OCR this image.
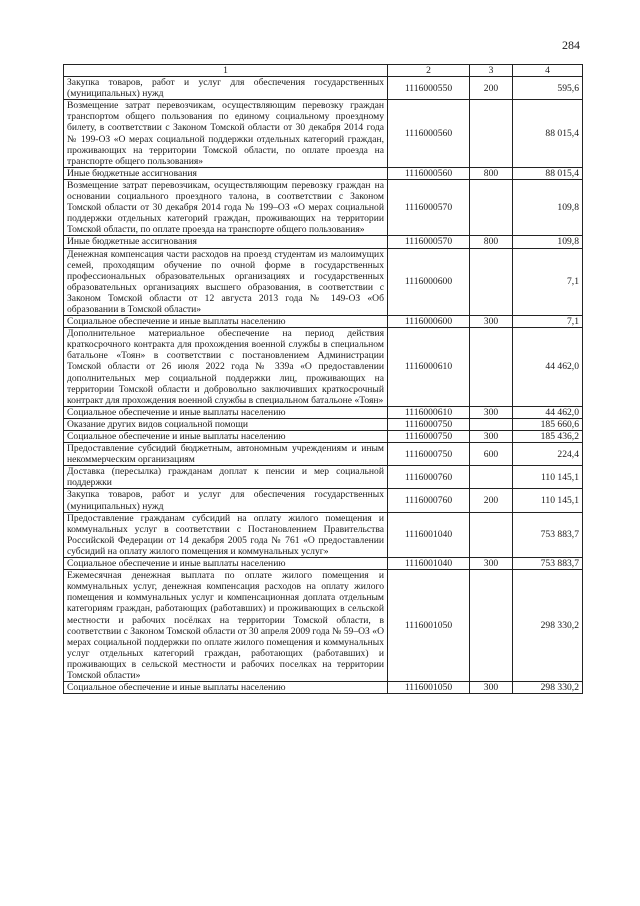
284
1	2	3	4
Закупка товаров, работ и услуг для обеспечения государственных (муниципальных) нужд	1116000550	200	595,6
Возмещение затрат перевозчикам, осуществляющим перевозку граждан транспортом общего пользования по единому социальному проездному билету, в соответствии с Законом Томской области от 30 декабря 2014 года № 199-ОЗ «О мерах социальной поддержки отдельных категорий граждан, проживающих на территории Томской области, по оплате проезда на транспорте общего пользования»	1116000560		88 015,4
Иные бюджетные ассигнования	1116000560	800	88 015,4
Возмещение затрат перевозчикам, осуществляющим перевозку граждан на основании социального проездного талона, в соответствии с Законом Томской области от 30 декабря 2014 года № 199–ОЗ «О мерах социальной поддержки отдельных категорий граждан, проживающих на территории Томской области, по оплате проезда на транспорте общего пользования»	1116000570		109,8
Иные бюджетные ассигнования	1116000570	800	109,8
Денежная компенсация части расходов на проезд студентам из малоимущих семей, проходящим обучение по очной форме в государственных профессиональных образовательных организациях и государственных образовательных организациях высшего образования, в соответствии с Законом Томской области от 12 августа 2013 года № 149-ОЗ «Об образовании в Томской области»	1116000600		7,1
Социальное обеспечение и иные выплаты населению	1116000600	300	7,1
Дополнительное материальное обеспечение на период действия краткосрочного контракта для прохождения военной службы в специальном батальоне «Тоян» в соответствии с постановлением Администрации Томской области от 26 июля 2022 года № 339а «О предоставлении дополнительных мер социальной поддержки лиц, проживающих на территории Томской области и добровольно заключивших краткосрочный контракт для прохождения военной службы в специальном батальоне «Тоян»	1116000610		44 462,0
Социальное обеспечение и иные выплаты населению	1116000610	300	44 462,0
Оказание других видов социальной помощи	1116000750		185 660,6
Социальное обеспечение и иные выплаты населению	1116000750	300	185 436,2
Предоставление субсидий бюджетным, автономным учреждениям и иным некоммерческим организациям	1116000750	600	224,4
Доставка (пересылка) гражданам доплат к пенсии и мер социальной поддержки	1116000760		110 145,1
Закупка товаров, работ и услуг для обеспечения государственных (муниципальных) нужд	1116000760	200	110 145,1
Предоставление гражданам субсидий на оплату жилого помещения и коммунальных услуг в соответствии с Постановлением Правительства Российской Федерации от 14 декабря 2005 года № 761 «О предоставлении субсидий на оплату жилого помещения и коммунальных услуг»	1116001040		753 883,7
Социальное обеспечение и иные выплаты населению	1116001040	300	753 883,7
Ежемесячная денежная выплата по оплате жилого помещения и коммунальных услуг, денежная компенсация расходов на оплату жилого помещения и коммунальных услуг и компенсационная доплата отдельным категориям граждан, работающих (работавших) и проживающих в сельской местности и рабочих посёлках на территории Томской области, в соответствии с Законом Томской области от 30 апреля 2009 года № 59–ОЗ «О мерах социальной поддержки по оплате жилого помещения и коммунальных услуг отдельных категорий граждан, работающих (работавших) и проживающих в сельской местности и рабочих поселках на территории Томской области»	1116001050		298 330,2
Социальное обеспечение и иные выплаты населению	1116001050	300	298 330,2
